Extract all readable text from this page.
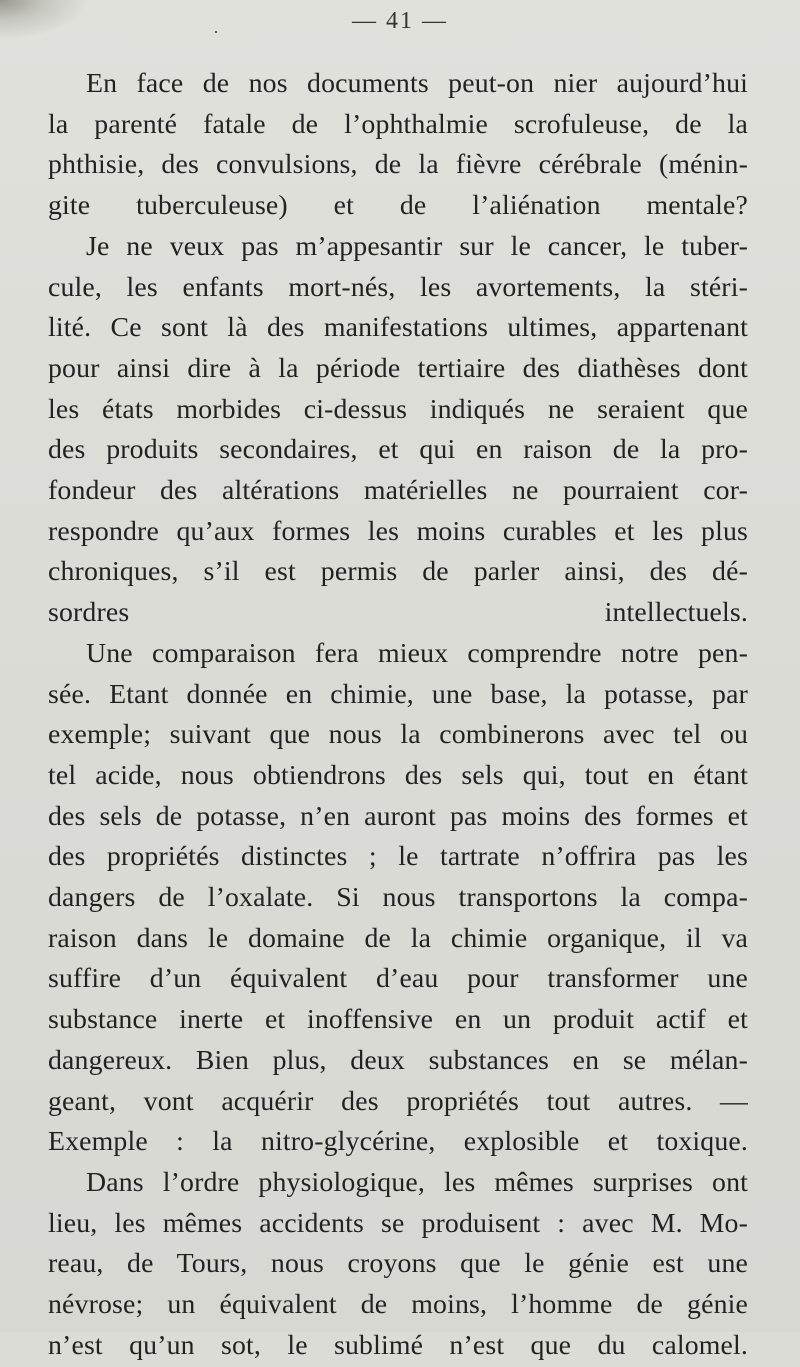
·	— 41 —

En face de nos documents peut-on nier aujourd’hui
la parenté fatale de l’ophthalmie scrofuleuse, de la
phthisie, des convulsions, de la fièvre cérébrale (ménin-
gite tuberculeuse) et de l’aliénation mentale?

Je ne veux pas m’appesantir sur le cancer, le tuber-
cule, les enfants mort-nés, les avortements, la stéri-
lité. Ce sont là des manifestations ultimes, appartenant
pour ainsi dire à la période tertiaire des diathèses dont
les états morbides ci-dessus indiqués ne seraient que
des produits secondaires, et qui en raison de la pro-
fondeur des altérations matérielles ne pourraient cor-
respondre qu’aux formes les moins curables et les plus
chroniques, s’il est permis de parler ainsi, des dé-
sordres intellectuels.

Une comparaison fera mieux comprendre notre pen-
sée. Etant donnée en chimie, une base, la potasse, par
exemple; suivant que nous la combinerons avec tel ou
tel acide, nous obtiendrons des sels qui, tout en étant
des sels de potasse, n’en auront pas moins des formes et
des propriétés distinctes ; le tartrate n’offrira pas les
dangers de l’oxalate. Si nous transportons la compa-
raison dans le domaine de la chimie organique, il va
suffire d’un équivalent d’eau pour transformer une
substance inerte et inoffensive en un produit actif et
dangereux. Bien plus, deux substances en se mélan-
geant, vont acquérir des propriétés tout autres. —
Exemple : la nitro-glycérine, explosible et toxique.

Dans l’ordre physiologique, les mêmes surprises ont
lieu, les mêmes accidents se produisent : avec M. Mo-
reau, de Tours, nous croyons que le génie est une
névrose; un équivalent de moins, l’homme de génie
n’est qu’un sot, le sublimé n’est que du calomel.
